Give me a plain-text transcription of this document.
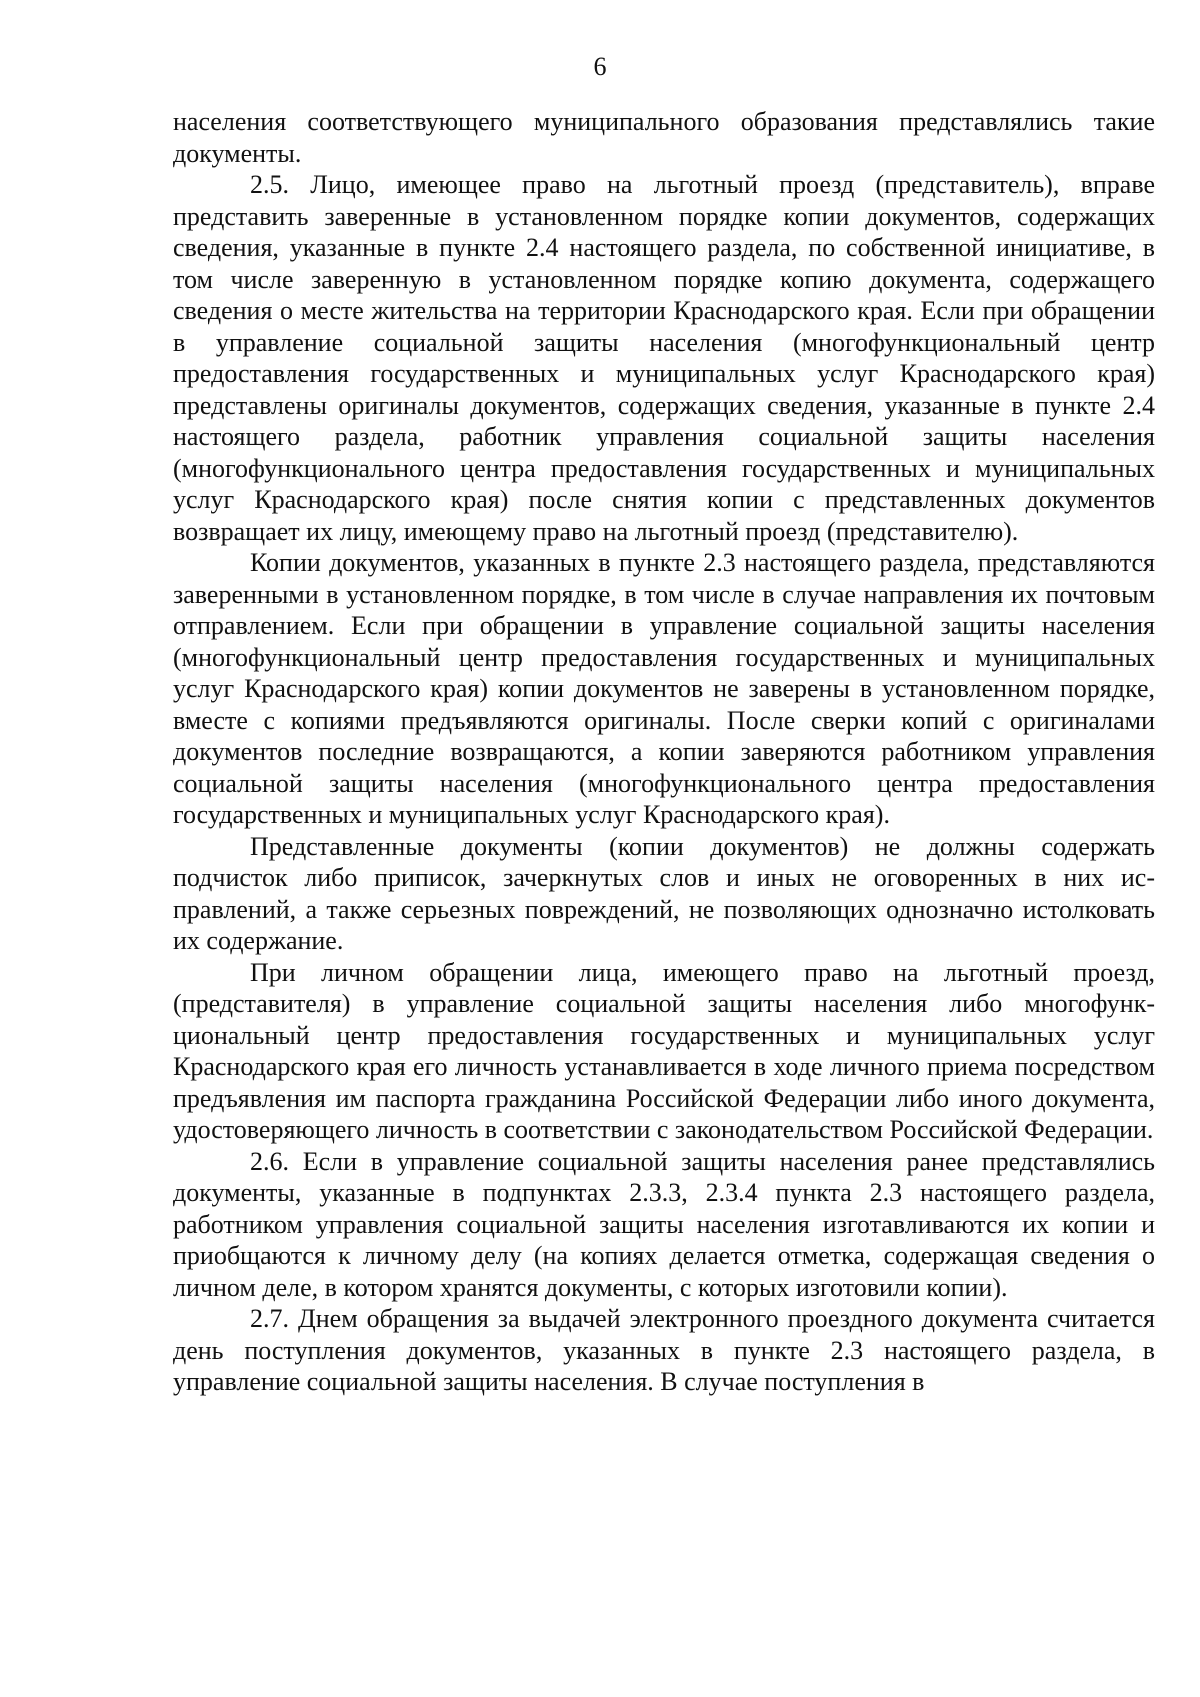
6

населения соответствующего муниципального образования представлялись такие документы.

2.5. Лицо, имеющее право на льготный проезд (представитель), вправе представить заверенные в установленном порядке копии документов, содержащих сведения, указанные в пункте 2.4 настоящего раздела, по собственной инициативе, в том числе заверенную в установленном порядке копию документа, содержащего сведения о месте жительства на территории Краснодарского края. Если при обращении в управление социальной защиты населения (многофункциональный центр предоставления государственных и муниципальных услуг Краснодарского края) представлены оригиналы документов, содержащих сведения, указанные в пункте 2.4 настоящего раздела, работник управления социальной защиты населения (многофункционального центра предоставления государственных и муниципальных услуг Краснодарского края) после снятия копии с представленных документов возвращает их лицу, имеющему право на льготный проезд (представителю).

Копии документов, указанных в пункте 2.3 настоящего раздела, представляются заверенными в установленном порядке, в том числе в случае направления их почтовым отправлением. Если при обращении в управление социальной защиты населения (многофункциональный центр предоставления государственных и муниципальных услуг Краснодарского края) копии документов не заверены в установленном порядке, вместе с копиями предъявляются оригиналы. После сверки копий с оригиналами документов последние возвращаются, а копии заверяются работником управления социальной защиты населения (многофункционального центра предоставления государственных и муниципальных услуг Краснодарского края).

Представленные документы (копии документов) не должны содержать подчисток либо приписок, зачеркнутых слов и иных не оговоренных в них исправлений, а также серьезных повреждений, не позволяющих однозначно истолковать их содержание.

При личном обращении лица, имеющего право на льготный проезд, (представителя) в управление социальной защиты населения либо многофункциональный центр предоставления государственных и муниципальных услуг Краснодарского края его личность устанавливается в ходе личного приема посредством предъявления им паспорта гражданина Российской Федерации либо иного документа, удостоверяющего личность в соответствии с законодательством Российской Федерации.

2.6. Если в управление социальной защиты населения ранее представлялись документы, указанные в подпунктах 2.3.3, 2.3.4 пункта 2.3 настоящего раздела, работником управления социальной защиты населения изготавливаются их копии и приобщаются к личному делу (на копиях делается отметка, содержащая сведения о личном деле, в котором хранятся документы, с которых изготовили копии).

2.7. Днем обращения за выдачей электронного проездного документа считается день поступления документов, указанных в пункте 2.3 настоящего раздела, в управление социальной защиты населения. В случае поступления в
